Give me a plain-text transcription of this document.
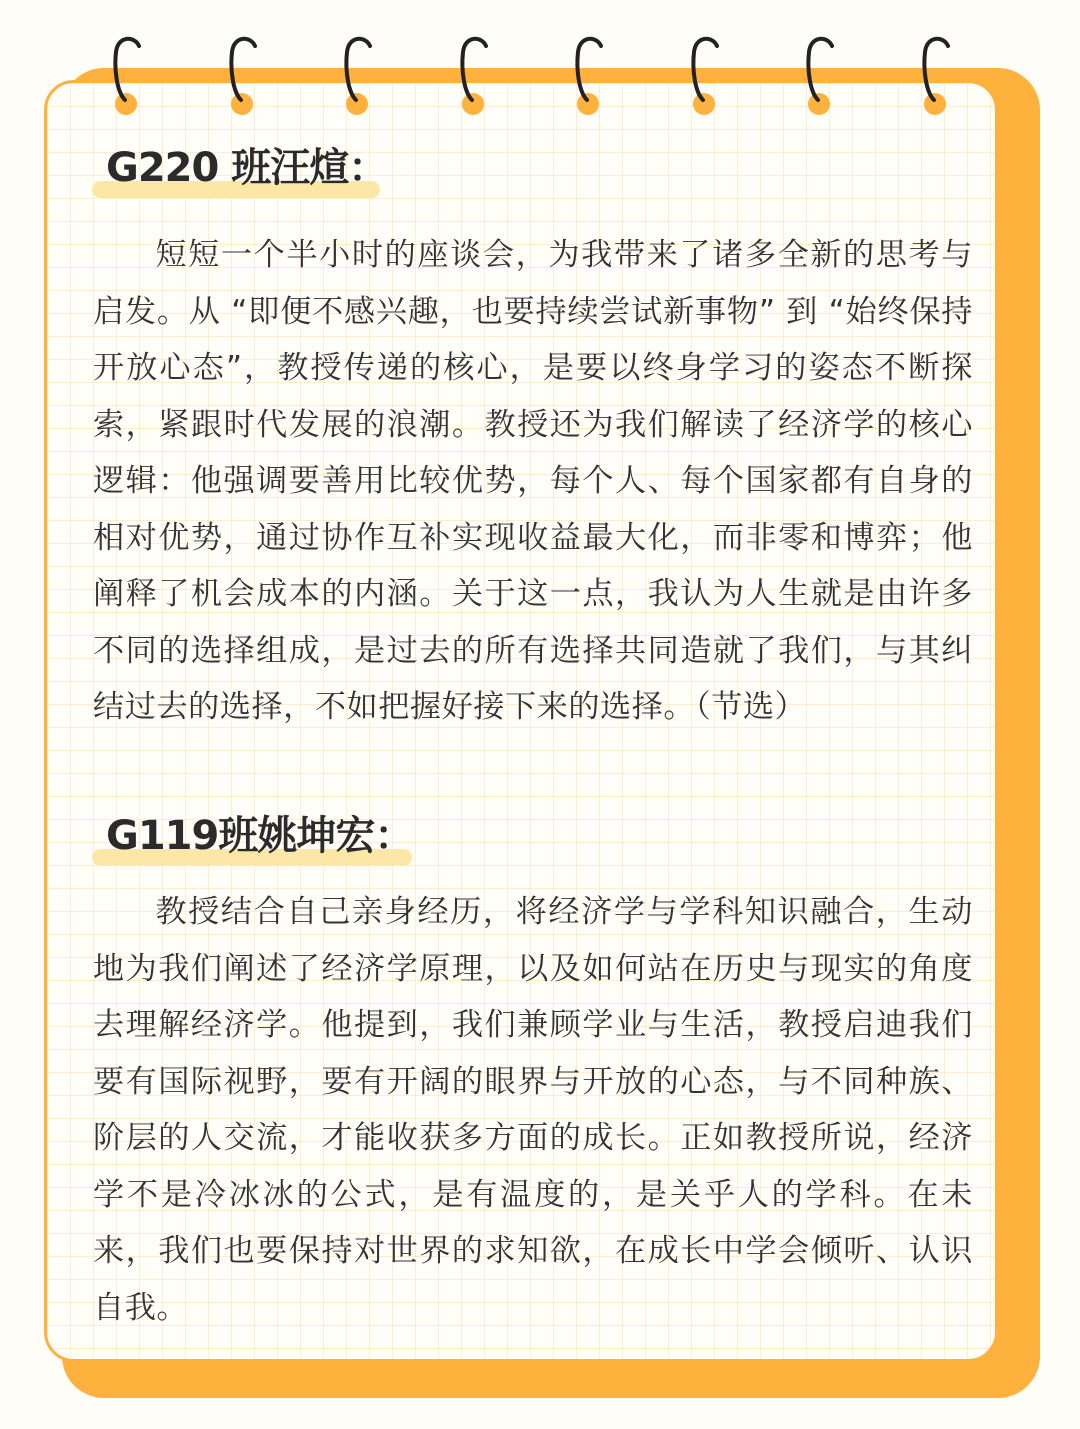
G220 班汪煊：

短短一个半小时的座谈会，为我带来了诸多全新的思考与启发。从 “即便不感兴趣，也要持续尝试新事物” 到 “始终保持开放心态”，教授传递的核心，是要以终身学习的姿态不断探索，紧跟时代发展的浪潮。教授还为我们解读了经济学的核心逻辑：他强调要善用比较优势，每个人、每个国家都有自身的相对优势，通过协作互补实现收益最大化，而非零和博弈；他阐释了机会成本的内涵。关于这一点，我认为人生就是由许多不同的选择组成，是过去的所有选择共同造就了我们，与其纠结过去的选择，不如把握好接下来的选择。（节选）

G119班姚坤宏：

教授结合自己亲身经历，将经济学与学科知识融合，生动地为我们阐述了经济学原理，以及如何站在历史与现实的角度去理解经济学。他提到，我们兼顾学业与生活，教授启迪我们要有国际视野，要有开阔的眼界与开放的心态，与不同种族、阶层的人交流，才能收获多方面的成长。正如教授所说，经济学不是冷冰冰的公式，是有温度的，是关乎人的学科。在未来，我们也要保持对世界的求知欲，在成长中学会倾听、认识自我。
